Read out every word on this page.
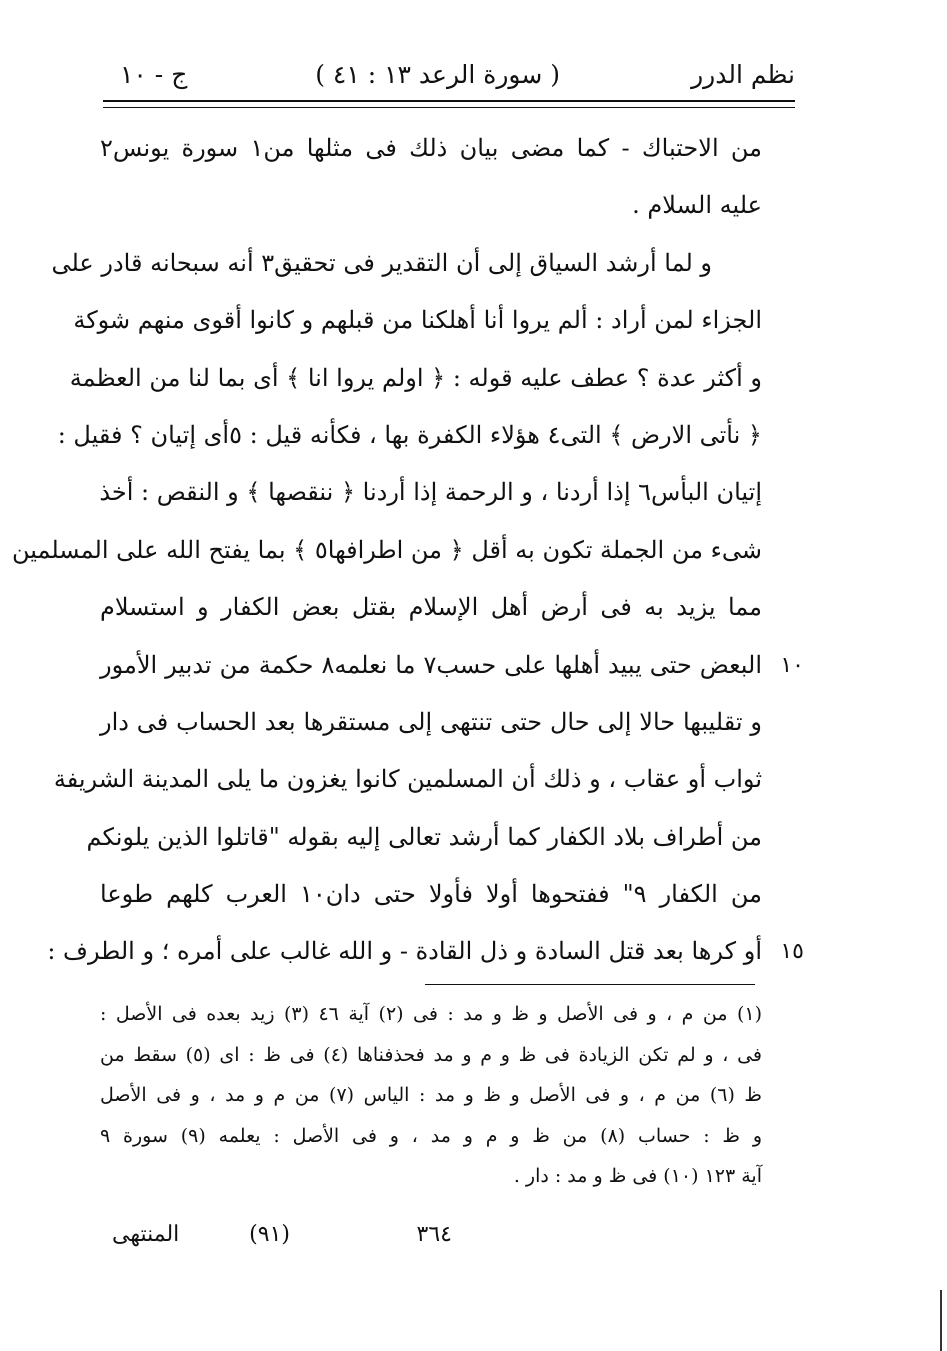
نظم الدرر
( سورة الرعد ١٣ : ٤١ )
ج - ١٠
من الاحتباك - كما مضى بيان ذلك فى مثلها من١ سورة يونس٢
عليه السلام .
و لما أرشد السياق إلى أن التقدير فى تحقيق٣ أنه سبحانه قادر على
الجزاء لمن أراد : ألم يروا أنا أهلكنا من قبلهم و كانوا أقوى منهم شوكة
و أكثر عدة ؟ عطف عليه قوله : ﴿ اولم يروا انا ﴾ أى بما لنا من العظمة
﴿ نأتى الارض ﴾ التى٤ هؤلاء الكفرة بها ، فكأنه قيل : ٥أى إتيان ؟ فقيل :
إتيان البأس٦ إذا أردنا ، و الرحمة إذا أردنا ﴿ ننقصها ﴾ و النقص : أخذ
شىء من الجملة تكون به أقل ﴿ من اطرافها٥ ﴾ بما يفتح الله على المسلمين
مما يزيد به فى أرض أهل الإسلام بقتل بعض الكفار و استسلام
١٠
البعض حتى يبيد أهلها على حسب٧ ما نعلمه٨ حكمة من تدبير الأمور
و تقليبها حالا إلى حال حتى تنتهى إلى مستقرها بعد الحساب فى دار
ثواب أو عقاب ، و ذلك أن المسلمين كانوا يغزون ما يلى المدينة الشريفة
من أطراف بلاد الكفار كما أرشد تعالى إليه بقوله "قاتلوا الذين يلونكم
من الكفار ٩" ففتحوها أولا فأولا حتى دان١٠ العرب كلهم طوعا
١٥
أو كرها بعد قتل السادة و ذل القادة - و الله غالب على أمره ؛ و الطرف :
(١) من م ، و فى الأصل و ظ و مد : فى (٢) آية ٤٦ (٣) زيد بعده فى الأصل :
فى ، و لم تكن الزيادة فى ظ و م و مد فحذفناها (٤) فى ظ : اى (٥) سقط من
ظ (٦) من م ، و فى الأصل و ظ و مد : الياس (٧) من م و مد ، و فى الأصل
و ظ : حساب (٨) من ظ و م و مد ، و فى الأصل : يعلمه (٩) سورة ٩
آية ١٢٣ (١٠) فى ظ و مد : دار .
٣٦٤
(٩١)
المنتهى
